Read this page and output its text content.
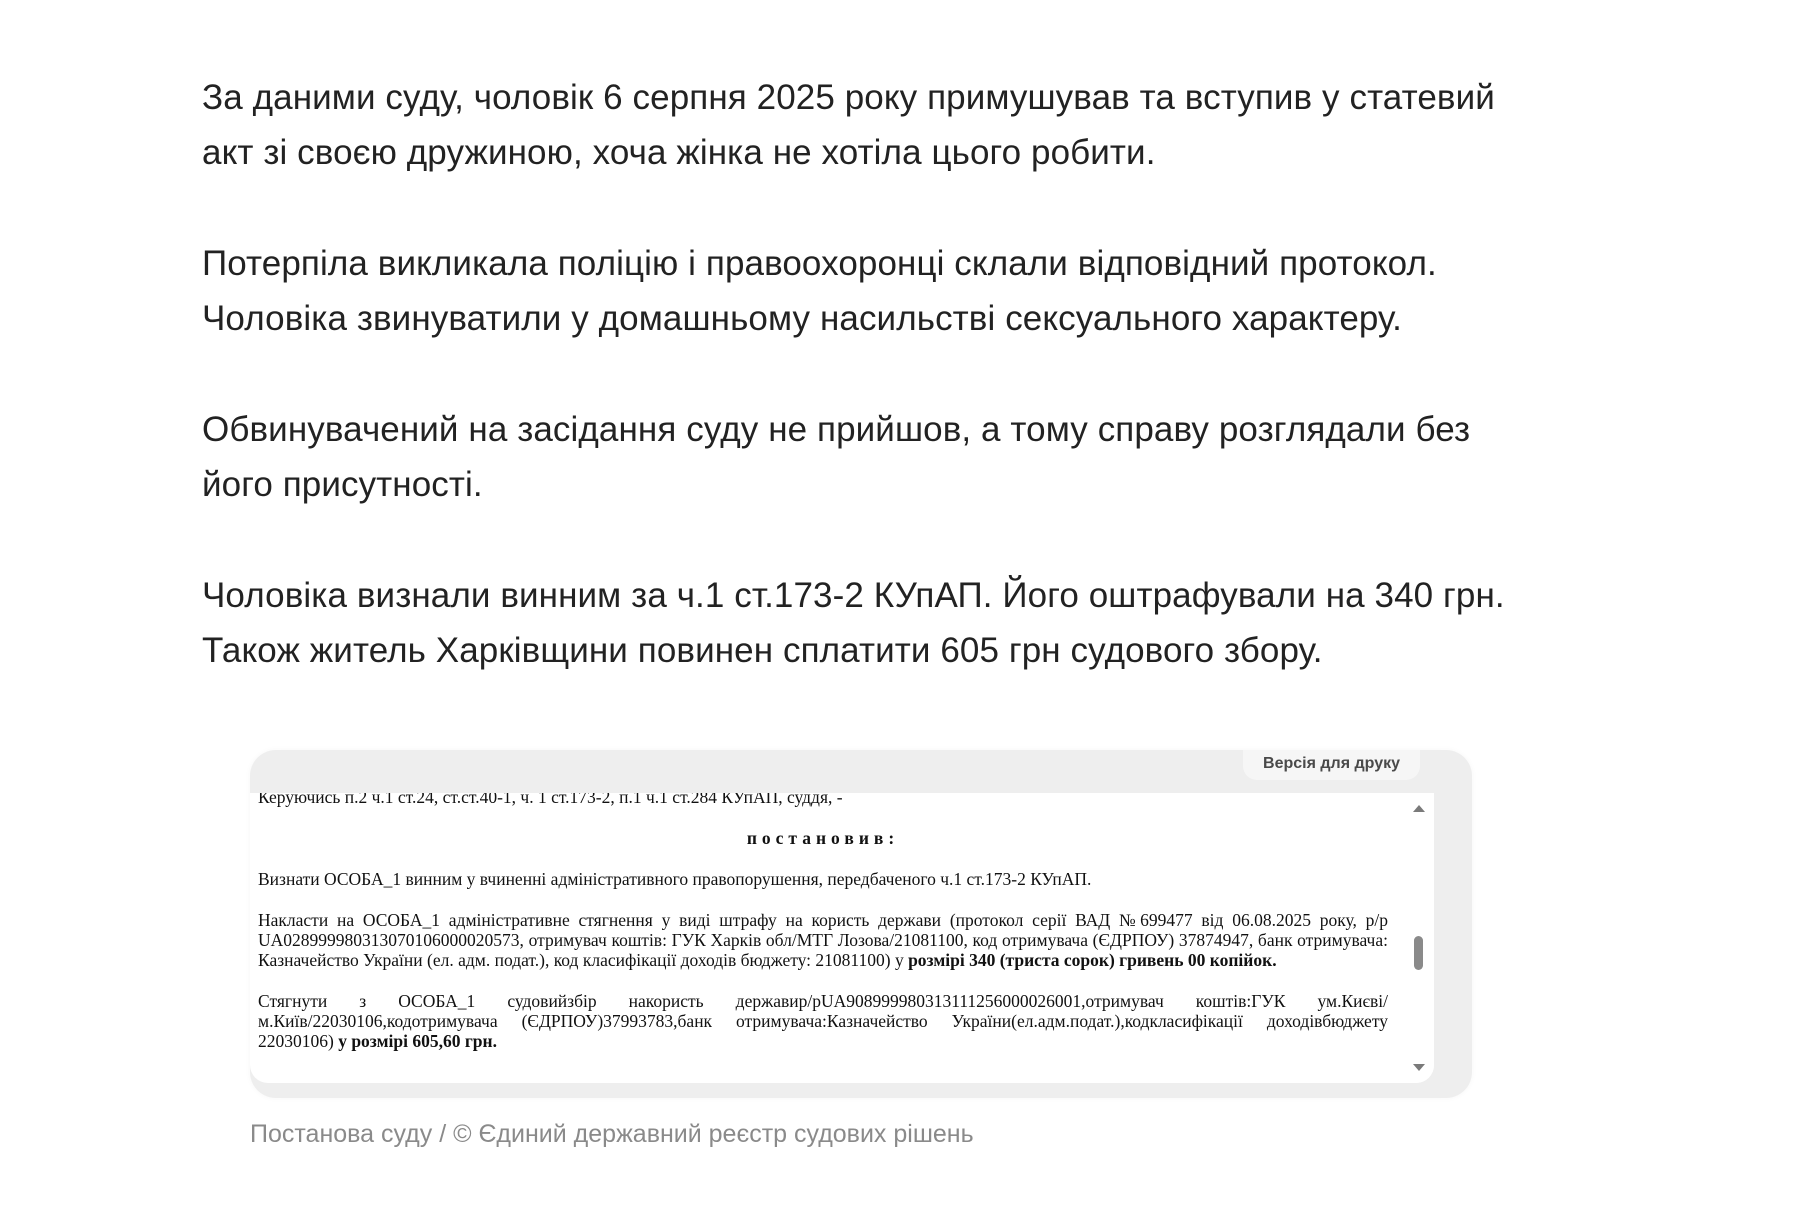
За даними суду, чоловік 6 серпня 2025 року примушував та вступив у статевий акт зі своєю дружиною, хоча жінка не хотіла цього робити.

Потерпіла викликала поліцію і правоохоронці склали відповідний протокол. Чоловіка звинуватили у домашньому насильстві сексуального характеру.

Обвинувачений на засідання суду не прийшов, а тому справу розглядали без його присутності.

Чоловіка визнали винним за ч.1 ст.173-2 КУпАП. Його оштрафували на 340 грн. Також житель Харківщини повинен сплатити 605 грн судового збору.

Версія для друку

Керуючись п.2 ч.1 ст.24, ст.ст.40-1, ч. 1 ст.173-2, п.1 ч.1 ст.284 КУпАП, суддя, -

постановив:

Визнати ОСОБА_1 винним у вчиненні адміністративного правопорушення, передбаченого ч.1 ст.173-2 КУпАП.

Накласти на ОСОБА_1 адміністративне стягнення у виді штрафу на користь держави (протокол серії ВАД №699477 від 06.08.2025 року, р/р UA028999980313070106000020573, отримувач коштів: ГУК Харків обл/МТГ Лозова/21081100, код отримувача (ЄДРПОУ) 37874947, банк отримувача: Казначейство України (ел. адм. подат.), код класифікації доходів бюджету: 21081100) у розмірі 340 (триста сорок) гривень 00 копійок.

Стягнути з ОСОБА_1 судовийзбір накористь державир/рUA908999980313111256000026001,отримувач коштів:ГУК ум.Києві/м.Київ/22030106,кодотримувача (ЄДРПОУ)37993783,банк отримувача:Казначейство України(ел.адм.подат.),кодкласифікації доходівбюджету 22030106) у розмірі 605,60 грн.

Постанова суду / © Єдиний державний реєстр судових рішень
